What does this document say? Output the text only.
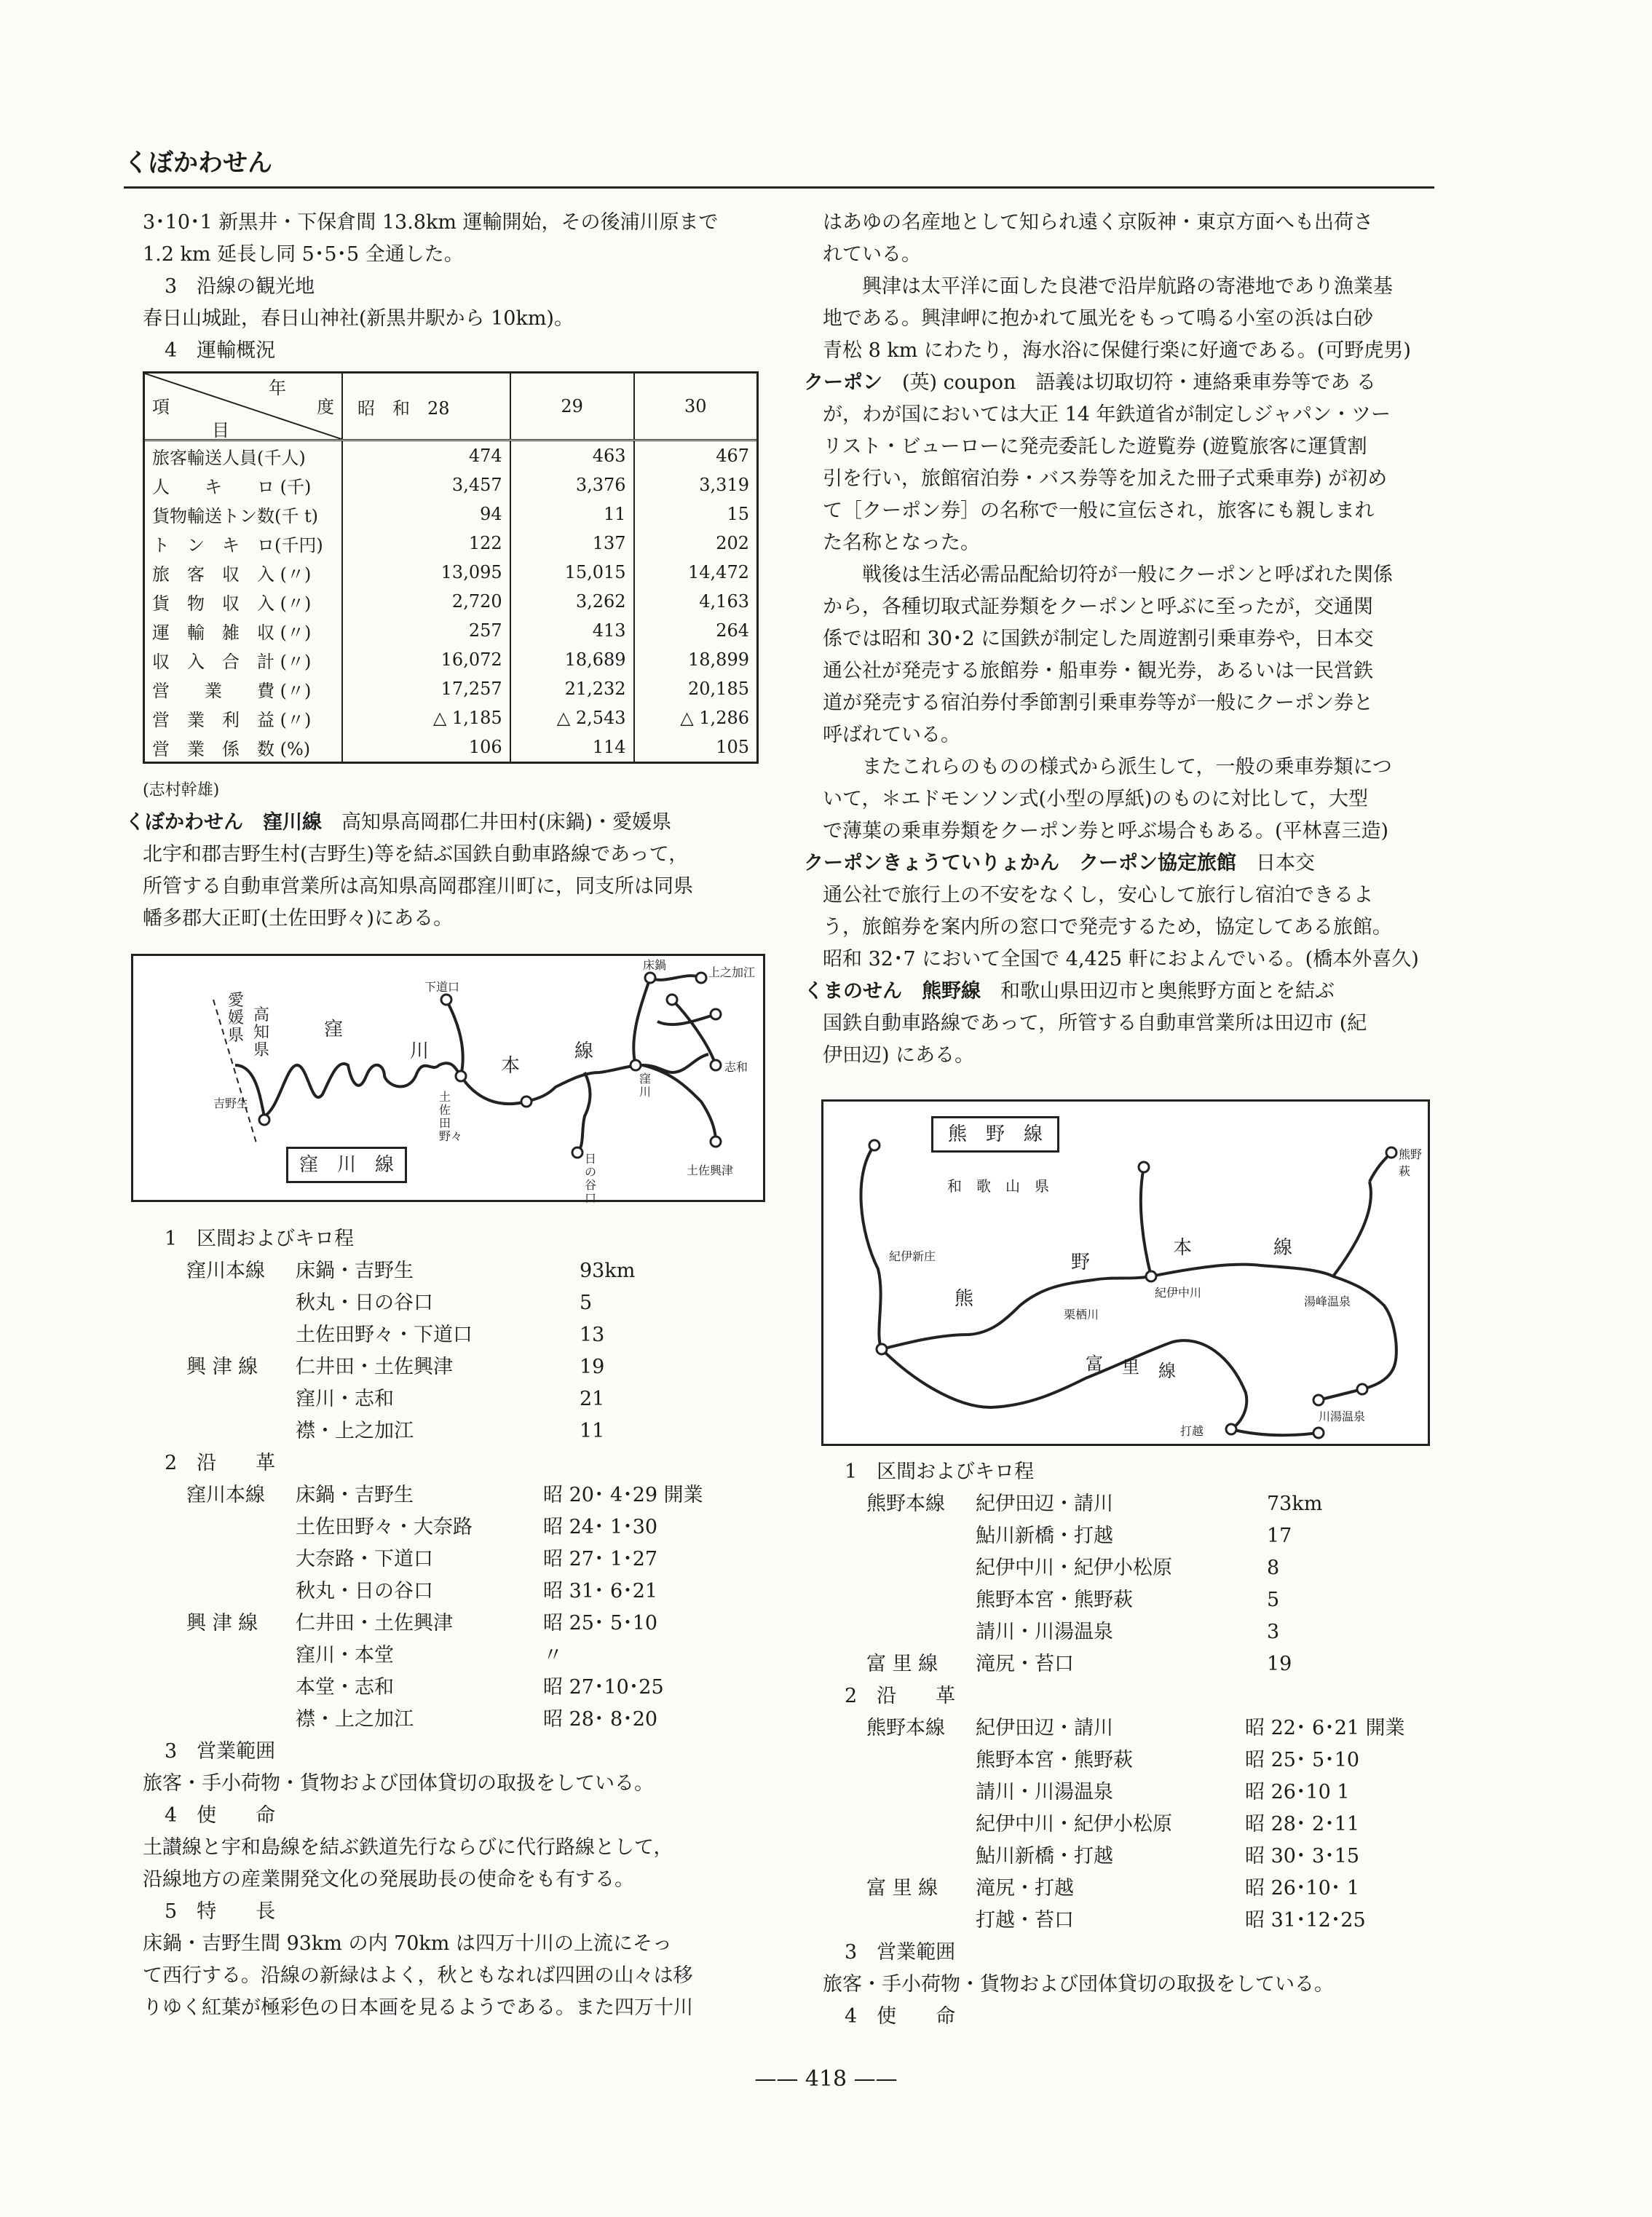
くぼかわせん

3･10･1 新黒井・下保倉間 13.8km 運輸開始，その後浦川原まで

1.2 km 延長し同 5･5･5 全通した。

3　沿線の観光地

春日山城趾，春日山神社(新黒井駅から 10km)。

4　運輸概況

年
度
項
目	昭　和　28	29	30
旅客輸送人員(千人)	474	463	467
人　　キ　　ロ (千)	3,457	3,376	3,319
貨物輸送トン数(千 t)	94	11	15
ト　ン　キ　ロ(千円)	122	137	202
旅　客　収　入 (〃)	13,095	15,015	14,472
貨　物　収　入 (〃)	2,720	3,262	4,163
運　輸　雑　収 (〃)	257	413	264
収　入　合　計 (〃)	16,072	18,689	18,899
営　　業　　費 (〃)	17,257	21,232	20,185
営　業　利　益 (〃)	△ 1,185	△ 2,543	△ 1,286
営　業　係　数 (%)	106	114	105

(志村幹雄)

くぼかわせん　窪川線　 高知県高岡郡仁井田村(床鍋)・愛媛県

北宇和郡吉野生村(吉野生)等を結ぶ国鉄自動車路線であって，

所管する自動車営業所は高知県高岡郡窪川町に，同支所は同県

幡多郡大正町(土佐田野々)にある。

窪　川　線
愛媛県
高知県
窪
川
本
線
下道口
床鍋
上之加江
志和
土佐興津
日の谷口
土佐田野々
吉野生
窪川

1　区間およびキロ程

窪川本線	床鍋・吉野生	93km
秋丸・日の谷口	5
土佐田野々・下道口	13
興 津 線	仁井田・土佐興津	19
窪川・志和	21
襟・上之加江	11

2　沿　　革

窪川本線	床鍋・吉野生	昭 20･ 4･29 開業
土佐田野々・大奈路	昭 24･ 1･30
大奈路・下道口	昭 27･ 1･27
秋丸・日の谷口	昭 31･ 6･21
興 津 線	仁井田・土佐興津	昭 25･ 5･10
窪川・本堂	〃
本堂・志和	昭 27･10･25
襟・上之加江	昭 28･ 8･20

3　営業範囲

旅客・手小荷物・貨物および団体貸切の取扱をしている。

4　使　　命

土讃線と宇和島線を結ぶ鉄道先行ならびに代行路線として，

沿線地方の産業開発文化の発展助長の使命をも有する。

5　特　　長

床鍋・吉野生間 93km の内 70km は四万十川の上流にそっ

て西行する。沿線の新緑はよく，秋ともなれば四囲の山々は移

りゆく紅葉が極彩色の日本画を見るようである。また四万十川

はあゆの名産地として知られ遠く京阪神・東京方面へも出荷さ

れている。

興津は太平洋に面した良港で沿岸航路の寄港地であり漁業基

地である。興津岬に抱かれて風光をもって鳴る小室の浜は白砂

青松 8 km にわたり，海水浴に保健行楽に好適である。(可野虎男)

クーポン　 (英) coupon　語義は切取切符・連絡乗車券等であ る

が，わが国においては大正 14 年鉄道省が制定しジャパン・ツー

リスト・ビューローに発売委託した遊覧券 (遊覧旅客に運賃割

引を行い，旅館宿泊券・バス券等を加えた冊子式乗車券) が初め

て［クーポン券］の名称で一般に宣伝され，旅客にも親しまれ

た名称となった。

戦後は生活必需品配給切符が一般にクーポンと呼ばれた関係

から，各種切取式証券類をクーポンと呼ぶに至ったが，交通関

係では昭和 30･2 に国鉄が制定した周遊割引乗車券や，日本交

通公社が発売する旅館券・船車券・観光券，あるいは一民営鉄

道が発売する宿泊券付季節割引乗車券等が一般にクーポン券と

呼ばれている。

またこれらのものの様式から派生して，一般の乗車券類につ

いて，＊エドモンソン式(小型の厚紙)のものに対比して，大型

で薄葉の乗車券類をクーポン券と呼ぶ場合もある。(平林喜三造)

クーポンきょうていりょかん　クーポン協定旅館　 日本交

通公社で旅行上の不安をなくし，安心して旅行し宿泊できるよ

う，旅館券を案内所の窓口で発売するため，協定してある旅館。

昭和 32･7 において全国で 4,425 軒におよんでいる。(橋本外喜久)

くまのせん　熊野線　 和歌山県田辺市と奥熊野方面とを結ぶ

国鉄自動車路線であって，所管する自動車営業所は田辺市 (紀

伊田辺) にある。

熊　野　線
和　歌　山　県
野
本	線
熊
富 里 線
紀伊新庄
紀伊中川
湯峰温泉
熊野萩
川湯温泉
打越
栗栖川

1　区間およびキロ程

熊野本線	紀伊田辺・請川	73km
鮎川新橋・打越	17
紀伊中川・紀伊小松原	8
熊野本宮・熊野萩	5
請川・川湯温泉	3
富 里 線	滝尻・苔口	19

2　沿　　革

熊野本線	紀伊田辺・請川	昭 22･ 6･21 開業
熊野本宮・熊野萩	昭 25･ 5･10
請川・川湯温泉	昭 26･10 1
紀伊中川・紀伊小松原	昭 28･ 2･11
鮎川新橋・打越	昭 30･ 3･15
富 里 線	滝尻・打越	昭 26･10･ 1
打越・苔口	昭 31･12･25

3　営業範囲

旅客・手小荷物・貨物および団体貸切の取扱をしている。

4　使　　命

—— 418 ——
